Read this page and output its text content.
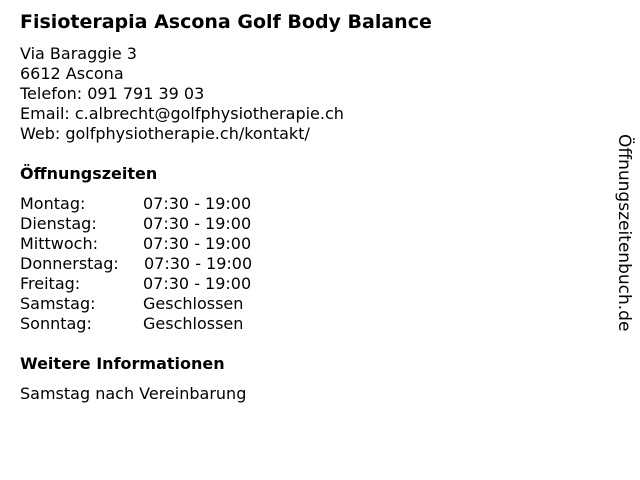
Fisioterapia Ascona Golf Body Balance
Via Baraggie 3
6612 Ascona
Telefon: 091 791 39 03
Email: c.albrecht@golfphysiotherapie.ch
Web: golfphysiotherapie.ch/kontakt/
Öffnungszeiten
Montag:	07:30 - 19:00
Dienstag:	07:30 - 19:00
Mittwoch:	07:30 - 19:00
Donnerstag: 07:30 - 19:00
Freitag:	07:30 - 19:00
Samstag:	Geschlossen
Sonntag:	Geschlossen
Weitere Informationen
Samstag nach Vereinbarung
Öffnungszeitenbuch.de
